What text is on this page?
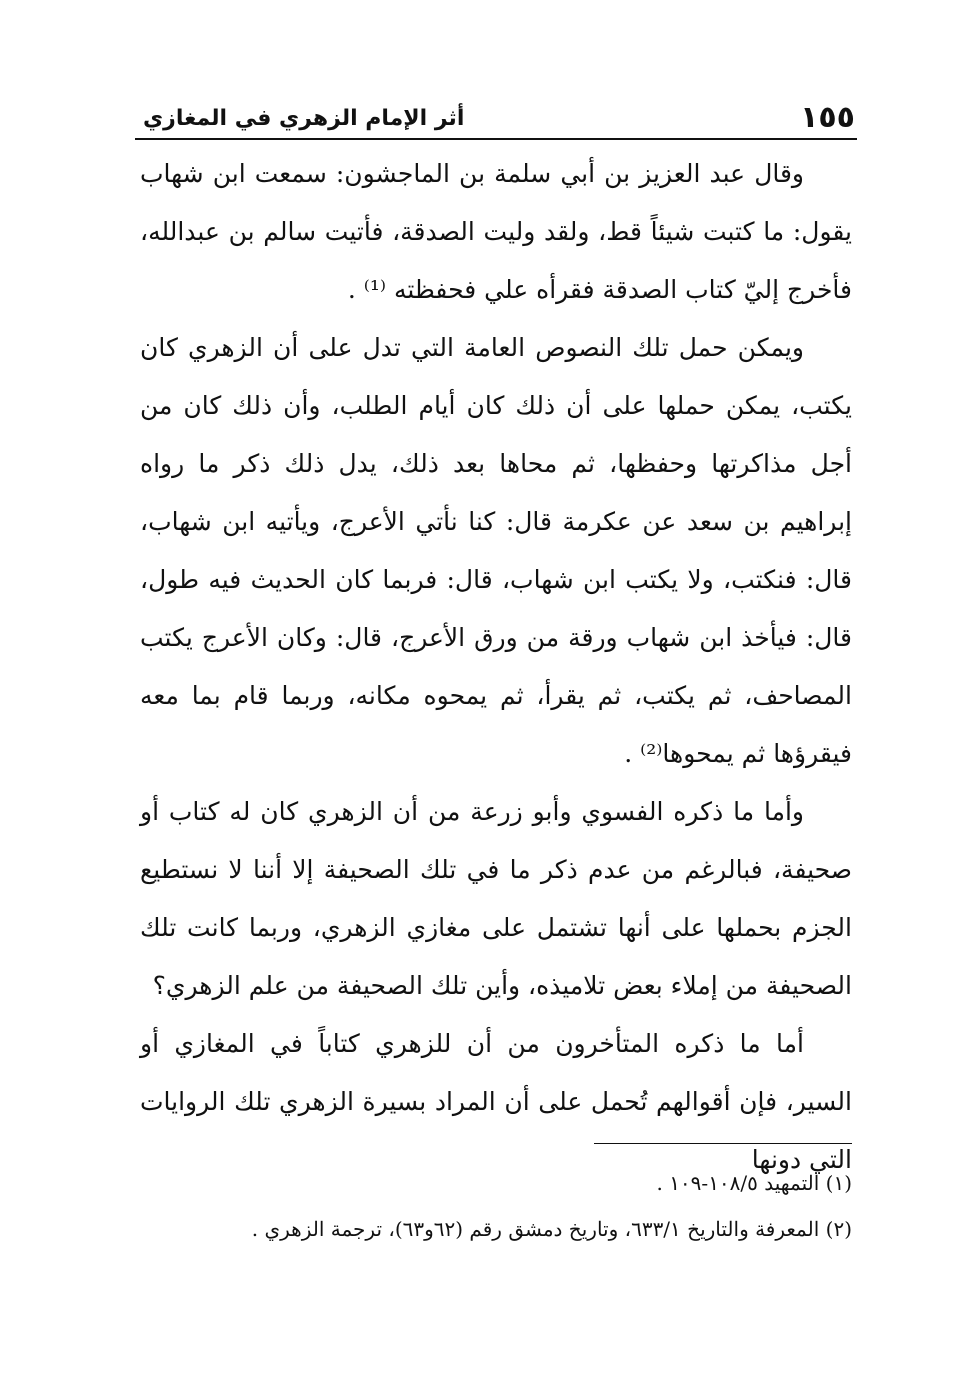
١٥٥
أثر الإمام الزهري في المغازي

وقال عبد العزيز بن أبي سلمة بن الماجشون: سمعت ابن شهاب يقول: ما كتبت شيئاً قط، ولقد وليت الصدقة، فأتيت سالم بن عبدالله، فأخرج إليّ كتاب الصدقة فقرأه علي فحفظته ⁽¹⁾ .

ويمكن حمل تلك النصوص العامة التي تدل على أن الزهري كان يكتب، يمكن حملها على أن ذلك كان أيام الطلب، وأن ذلك كان من أجل مذاكرتها وحفظها، ثم محاها بعد ذلك، يدل ذلك ذكر ما رواه إبراهيم بن سعد عن عكرمة قال: كنا نأتي الأعرج، ويأتيه ابن شهاب، قال: فنكتب، ولا يكتب ابن شهاب، قال: فربما كان الحديث فيه طول، قال: فيأخذ ابن شهاب ورقة من ورق الأعرج، قال: وكان الأعرج يكتب المصاحف، ثم يكتب، ثم يقرأ، ثم يمحوه مكانه، وربما قام بما معه فيقرؤها ثم يمحوها⁽²⁾ .

وأما ما ذكره الفسوي وأبو زرعة من أن الزهري كان له كتاب أو صحيفة، فبالرغم من عدم ذكر ما في تلك الصحيفة إلا أننا لا نستطيع الجزم بحملها على أنها تشتمل على مغازي الزهري، وربما كانت تلك الصحيفة من إملاء بعض تلاميذه، وأين تلك الصحيفة من علم الزهري؟

أما ما ذكره المتأخرون من أن للزهري كتاباً في المغازي أو السير، فإن أقوالهم تُحمل على أن المراد بسيرة الزهري تلك الروايات التي دونها

(١) التمهيد ١٠٨/٥-١٠٩ .

(٢) المعرفة والتاريخ ٦٣٣/١، وتاريخ دمشق رقم (٦٢و٦٣)، ترجمة الزهري .
